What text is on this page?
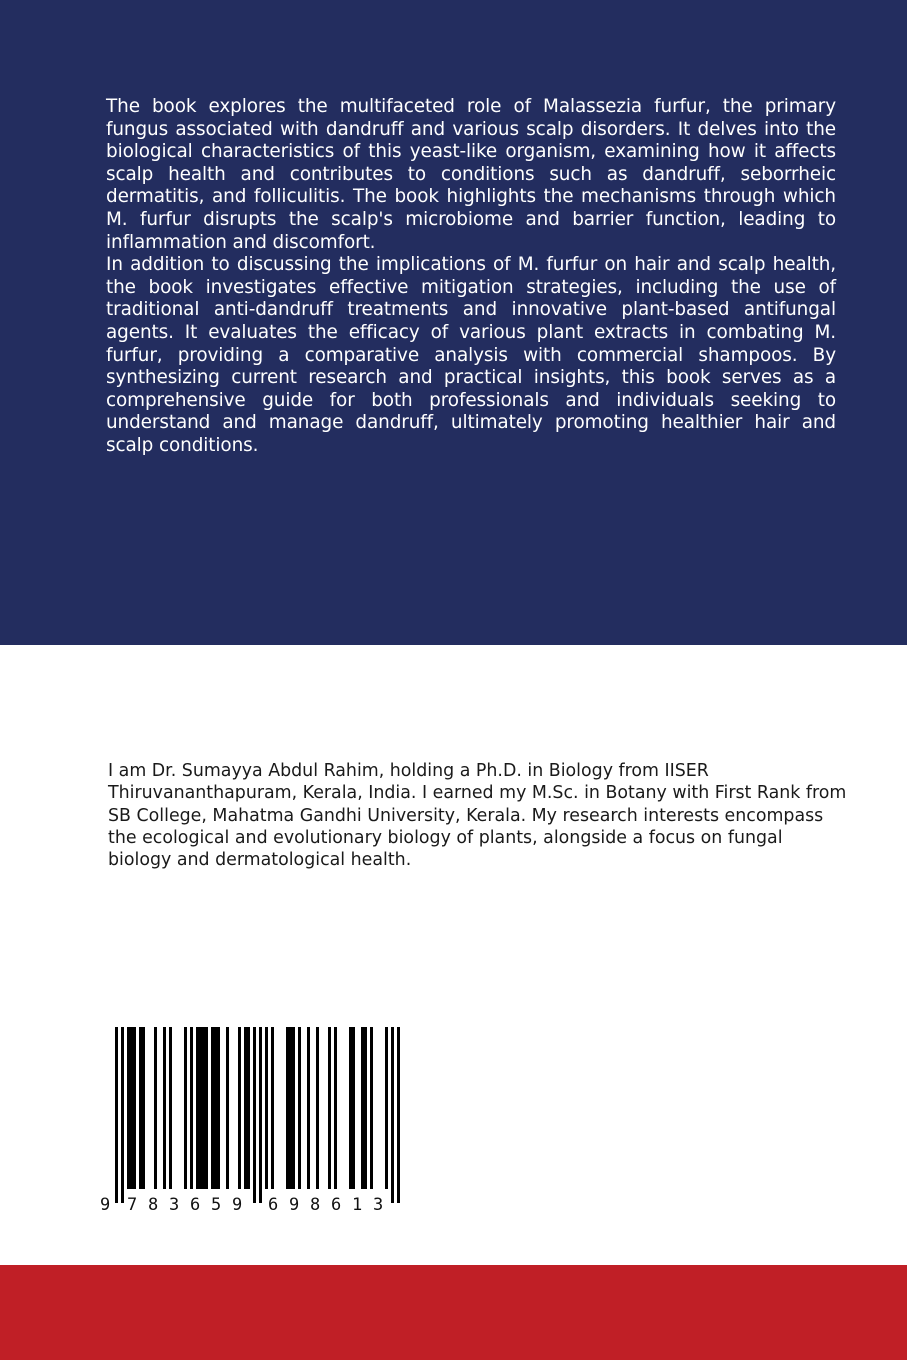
The book explores the multifaceted role of Malassezia furfur, the primary fungus associated with dandruff and various scalp disorders. It delves into the biological characteristics of this yeast-like organism, examining how it affects scalp health and contributes to conditions such as dandruff, seborrheic dermatitis, and folliculitis. The book highlights the mechanisms through which M. furfur disrupts the scalp's microbiome and barrier function, leading to inflammation and discomfort.

In addition to discussing the implications of M. furfur on hair and scalp health, the book investigates effective mitigation strategies, including the use of traditional anti-dandruff treatments and innovative plant-based antifungal agents. It evaluates the efficacy of various plant extracts in combating M. furfur, providing a comparative analysis with commercial shampoos. By synthesizing current research and practical insights, this book serves as a comprehensive guide for both professionals and individuals seeking to understand and manage dandruff, ultimately promoting healthier hair and scalp conditions.

I am Dr. Sumayya Abdul Rahim, holding a Ph.D. in Biology from IISER Thiruvananthapuram, Kerala, India. I earned my M.Sc. in Botany with First Rank from SB College, Mahatma Gandhi University, Kerala. My research interests encompass the ecological and evolutionary biology of plants, alongside a focus on fungal biology and dermatological health.

9 7 8 3 6 5 9 6 9 8 6 1 3
